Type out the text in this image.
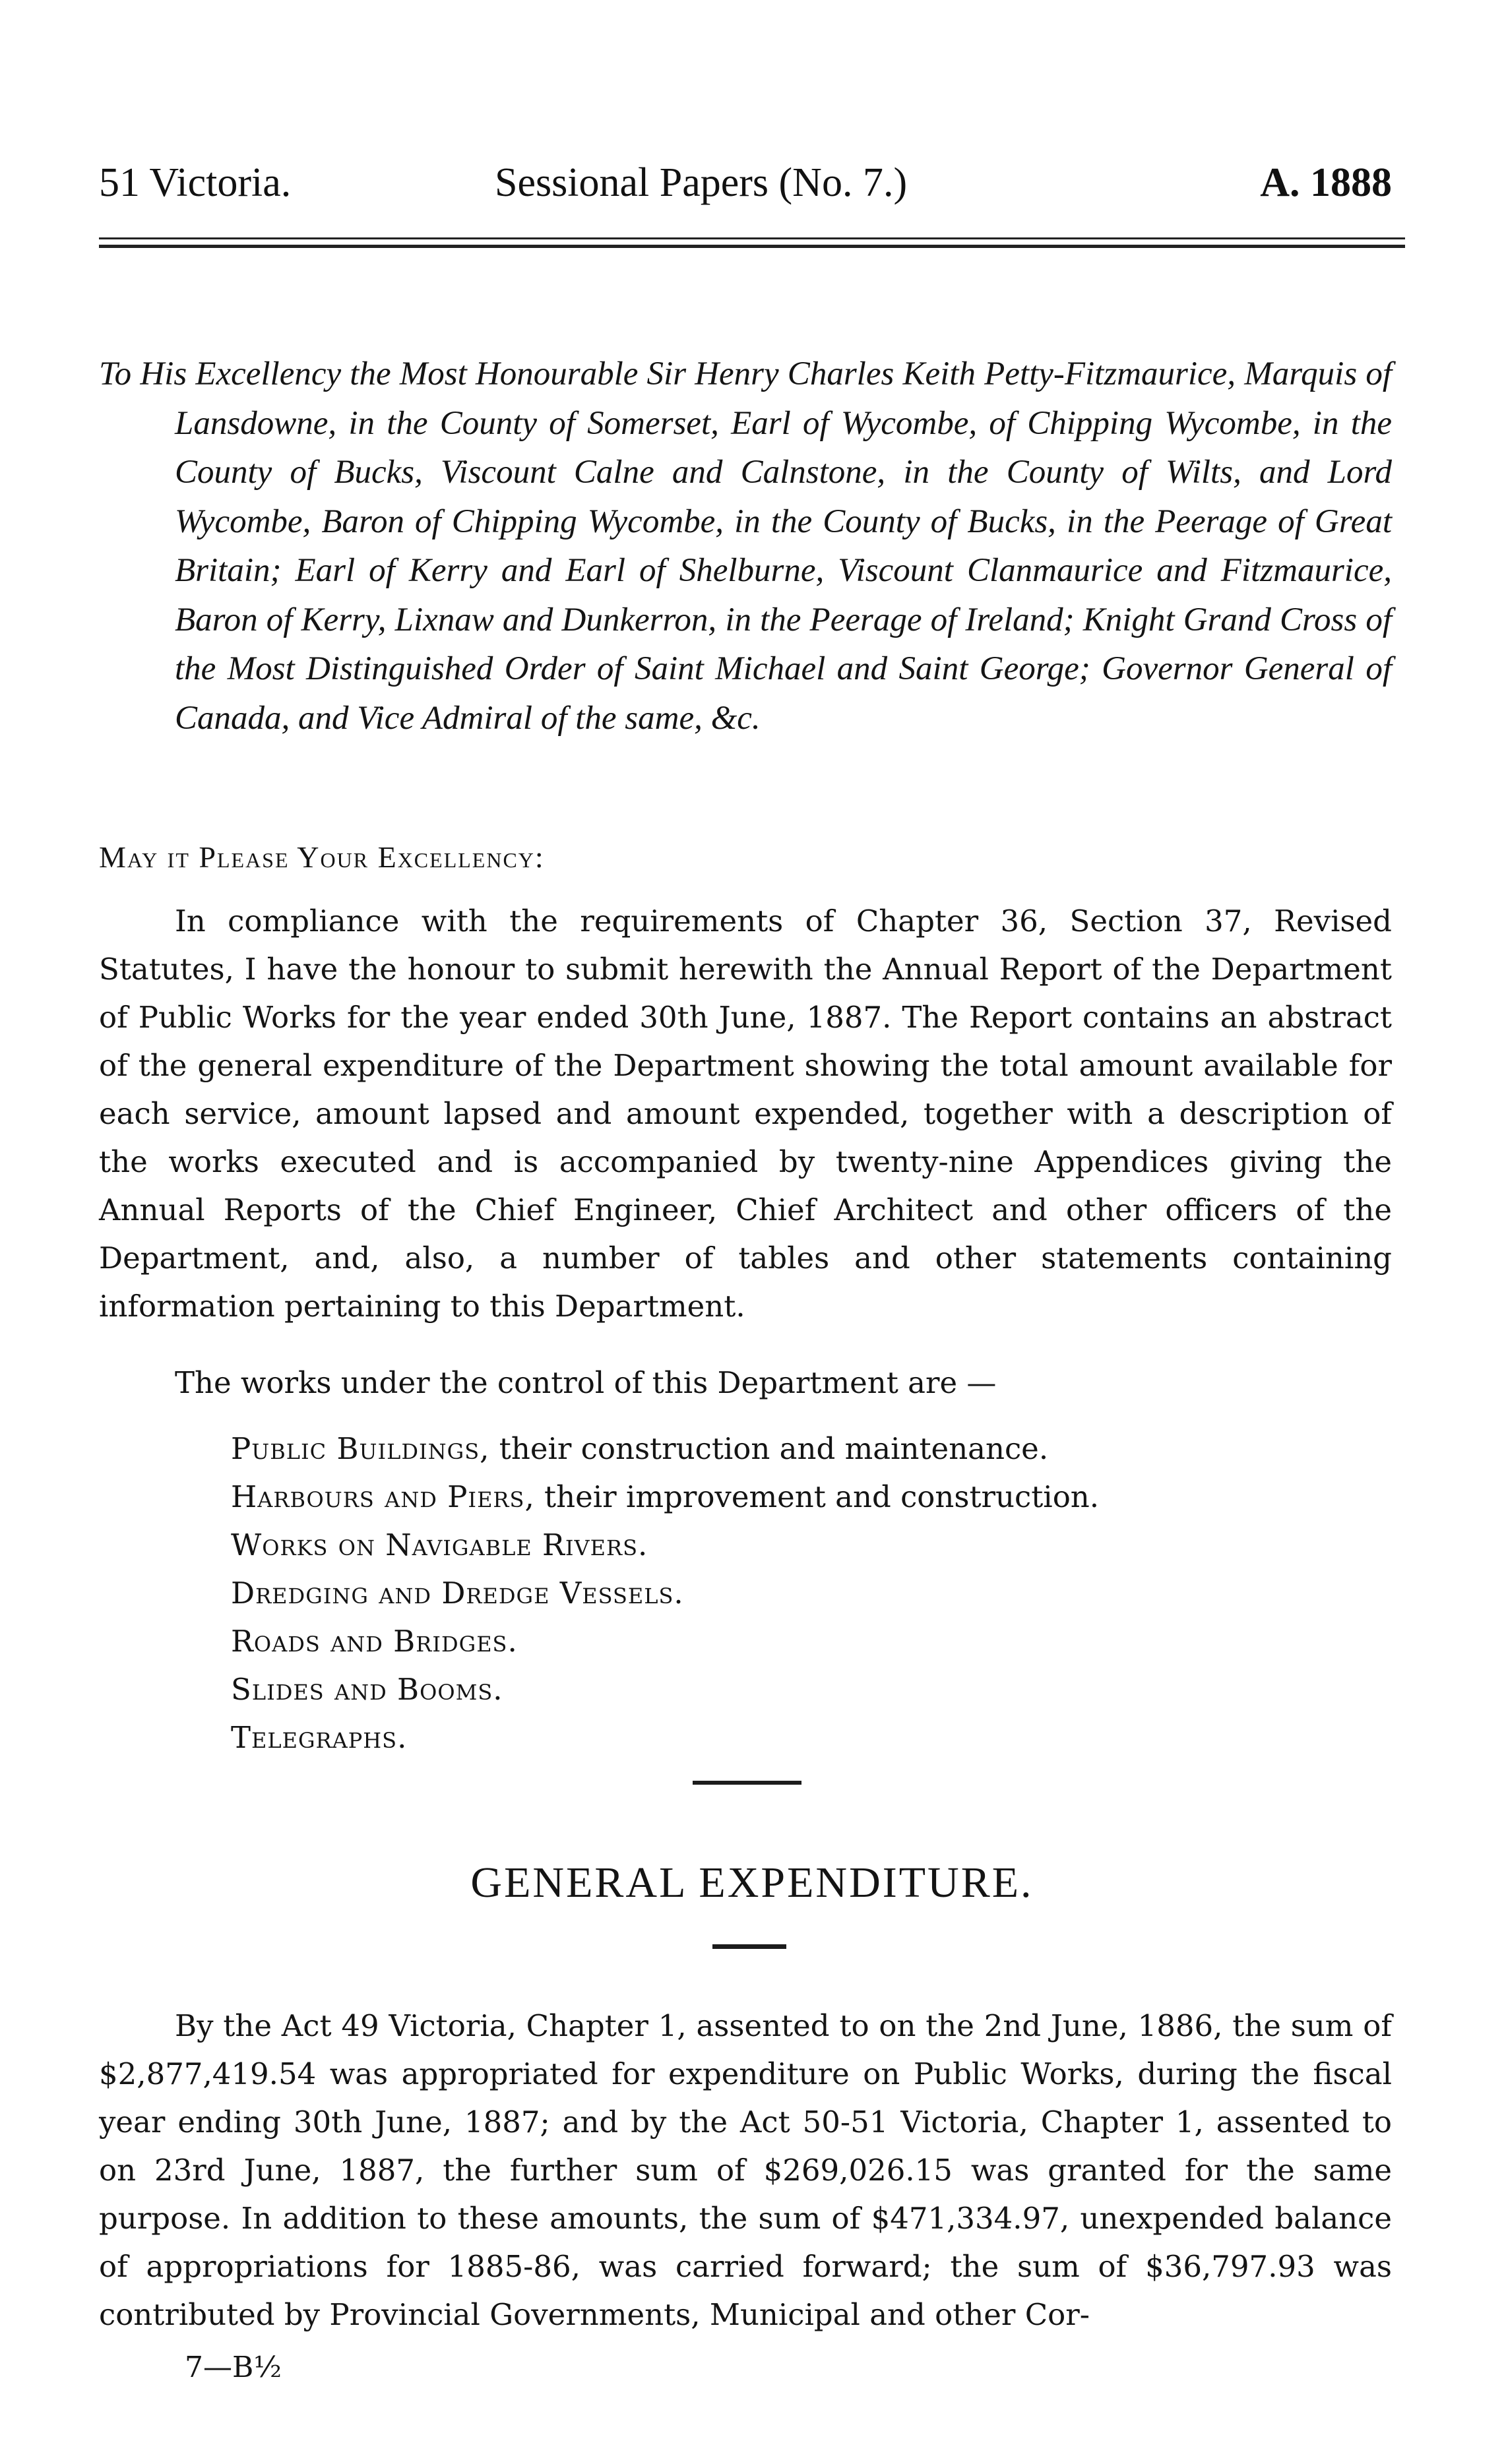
51 Victoria.	Sessional Papers (No. 7.)	A. 1888

To His Excellency the Most Honourable Sir Henry Charles Keith Petty-Fitzmaurice, Marquis of Lansdowne, in the County of Somerset, Earl of Wycombe, of Chipping Wycombe, in the County of Bucks, Viscount Calne and Calnstone, in the County of Wilts, and Lord Wycombe, Baron of Chipping Wycombe, in the County of Bucks, in the Peerage of Great Britain; Earl of Kerry and Earl of Shelburne, Viscount Clanmaurice and Fitzmaurice, Baron of Kerry, Lixnaw and Dunkerron, in the Peerage of Ireland; Knight Grand Cross of the Most Distinguished Order of Saint Michael and Saint George; Governor General of Canada, and Vice Admiral of the same, &c.

May it Please Your Excellency:

In compliance with the requirements of Chapter 36, Section 37, Revised Statutes, I have the honour to submit herewith the Annual Report of the Department of Public Works for the year ended 30th June, 1887. The Report contains an abstract of the general expenditure of the Department showing the total amount available for each service, amount lapsed and amount expended, together with a description of the works executed and is accompanied by twenty-nine Appendices giving the Annual Reports of the Chief Engineer, Chief Architect and other officers of the Department, and, also, a number of tables and other statements containing information pertaining to this Department.

The works under the control of this Department are —

Public Buildings, their construction and maintenance.
Harbours and Piers, their improvement and construction.
Works on Navigable Rivers.
Dredging and Dredge Vessels.
Roads and Bridges.
Slides and Booms.
Telegraphs.
GENERAL EXPENDITURE.

By the Act 49 Victoria, Chapter 1, assented to on the 2nd June, 1886, the sum of $2,877,419.54 was appropriated for expenditure on Public Works, during the fiscal year ending 30th June, 1887; and by the Act 50-51 Victoria, Chapter 1, assented to on 23rd June, 1887, the further sum of $269,026.15 was granted for the same purpose. In addition to these amounts, the sum of $471,334.97, unexpended balance of appropriations for 1885-86, was carried forward; the sum of $36,797.93 was contributed by Provincial Governments, Municipal and other Cor-

7—B½
